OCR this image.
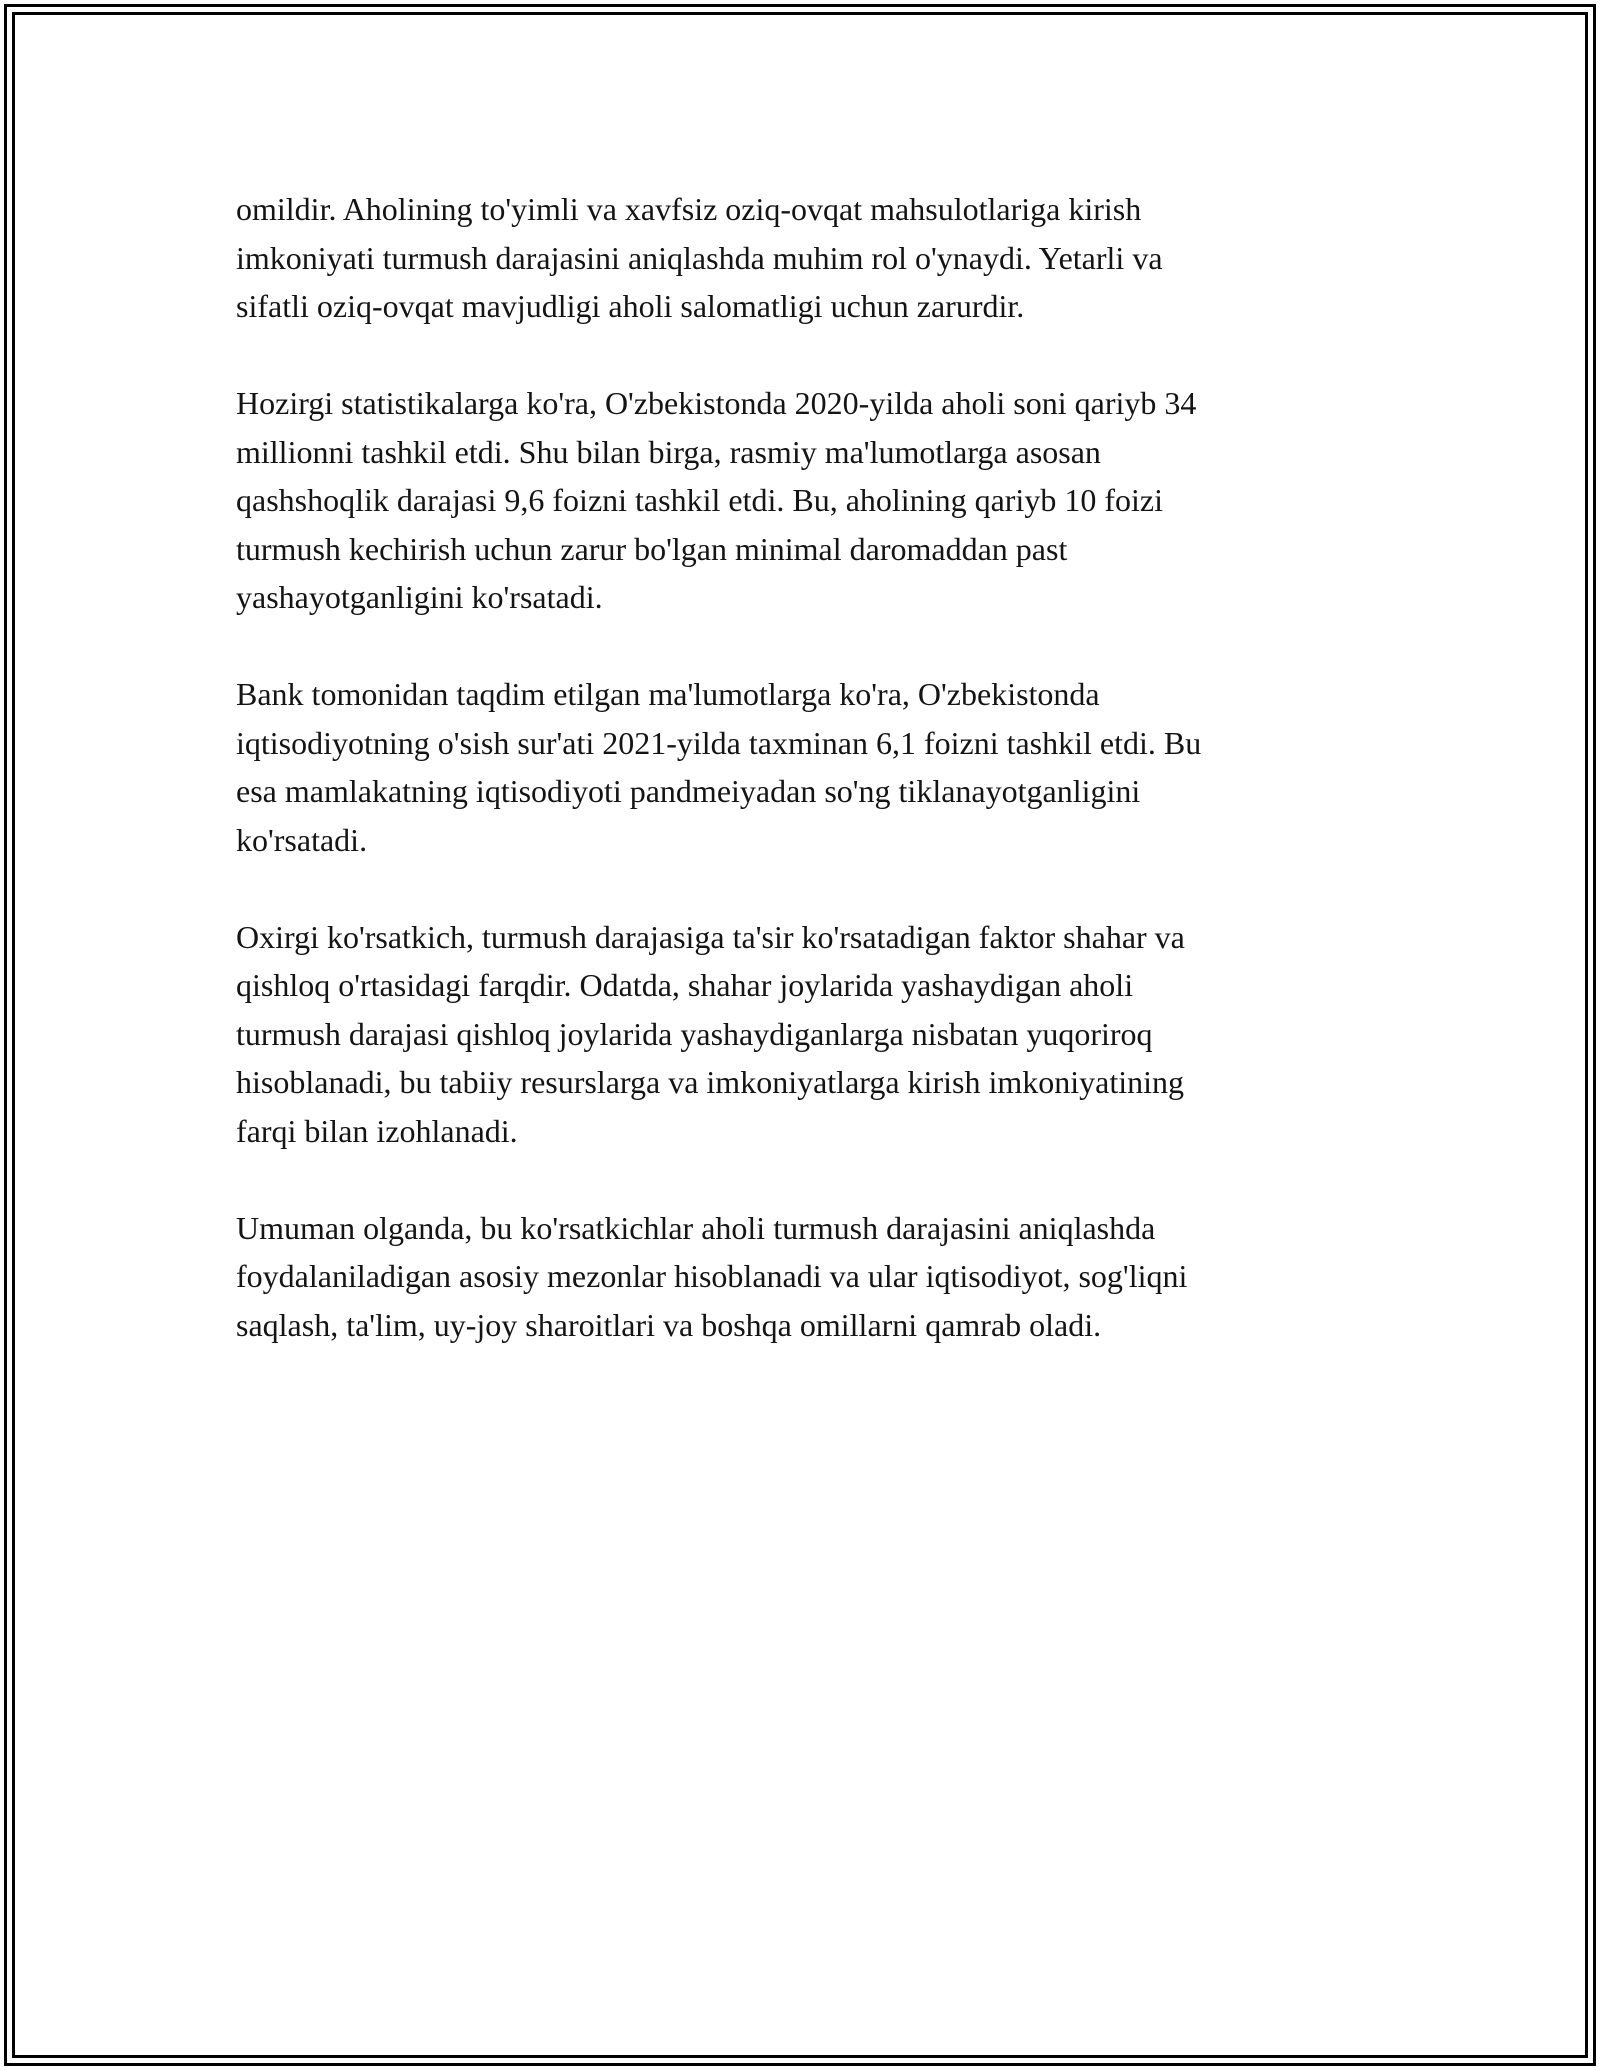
omildir. Aholining to'yimli va xavfsiz oziq-ovqat mahsulotlariga kirish
imkoniyati turmush darajasini aniqlashda muhim rol o'ynaydi. Yetarli va
sifatli oziq-ovqat mavjudligi aholi salomatligi uchun zarurdir.

Hozirgi statistikalarga ko'ra, O'zbekistonda 2020-yilda aholi soni qariyb 34
millionni tashkil etdi. Shu bilan birga, rasmiy ma'lumotlarga asosan
qashshoqlik darajasi 9,6 foizni tashkil etdi. Bu, aholining qariyb 10 foizi
turmush kechirish uchun zarur bo'lgan minimal daromaddan past
yashayotganligini ko'rsatadi.

Bank tomonidan taqdim etilgan ma'lumotlarga ko'ra, O'zbekistonda
iqtisodiyotning o'sish sur'ati 2021-yilda taxminan 6,1 foizni tashkil etdi. Bu
esa mamlakatning iqtisodiyoti pandmeiyadan so'ng tiklanayotganligini
ko'rsatadi.

Oxirgi ko'rsatkich, turmush darajasiga ta'sir ko'rsatadigan faktor shahar va
qishloq o'rtasidagi farqdir. Odatda, shahar joylarida yashaydigan aholi
turmush darajasi qishloq joylarida yashaydiganlarga nisbatan yuqoriroq
hisoblanadi, bu tabiiy resurslarga va imkoniyatlarga kirish imkoniyatining
farqi bilan izohlanadi.

Umuman olganda, bu ko'rsatkichlar aholi turmush darajasini aniqlashda
foydalaniladigan asosiy mezonlar hisoblanadi va ular iqtisodiyot, sog'liqni
saqlash, ta'lim, uy-joy sharoitlari va boshqa omillarni qamrab oladi.
